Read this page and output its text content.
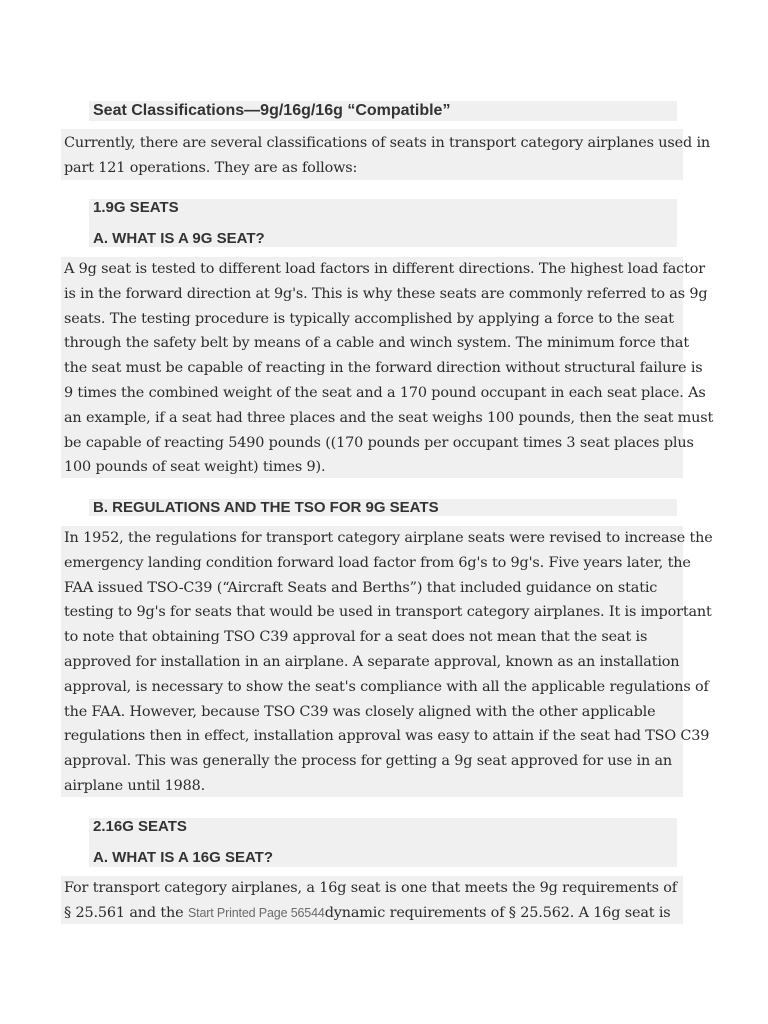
Seat Classifications—9g/16g/16g “Compatible”
Currently, there are several classifications of seats in transport category airplanes used in
part 121 operations. They are as follows:
1.9G SEATS
A. WHAT IS A 9G SEAT?
A 9g seat is tested to different load factors in different directions. The highest load factor
is in the forward direction at 9g's. This is why these seats are commonly referred to as 9g
seats. The testing procedure is typically accomplished by applying a force to the seat
through the safety belt by means of a cable and winch system. The minimum force that
the seat must be capable of reacting in the forward direction without structural failure is
9 times the combined weight of the seat and a 170 pound occupant in each seat place. As
an example, if a seat had three places and the seat weighs 100 pounds, then the seat must
be capable of reacting 5490 pounds ((170 pounds per occupant times 3 seat places plus
100 pounds of seat weight) times 9).
B. REGULATIONS AND THE TSO FOR 9G SEATS
In 1952, the regulations for transport category airplane seats were revised to increase the
emergency landing condition forward load factor from 6g's to 9g's. Five years later, the
FAA issued TSO-C39 (“Aircraft Seats and Berths”) that included guidance on static
testing to 9g's for seats that would be used in transport category airplanes. It is important
to note that obtaining TSO C39 approval for a seat does not mean that the seat is
approved for installation in an airplane. A separate approval, known as an installation
approval, is necessary to show the seat's compliance with all the applicable regulations of
the FAA. However, because TSO C39 was closely aligned with the other applicable
regulations then in effect, installation approval was easy to attain if the seat had TSO C39
approval. This was generally the process for getting a 9g seat approved for use in an
airplane until 1988.
2.16G SEATS
A. WHAT IS A 16G SEAT?
For transport category airplanes, a 16g seat is one that meets the 9g requirements of
§ 25.561 and the Start Printed Page 56544dynamic requirements of § 25.562. A 16g seat is
